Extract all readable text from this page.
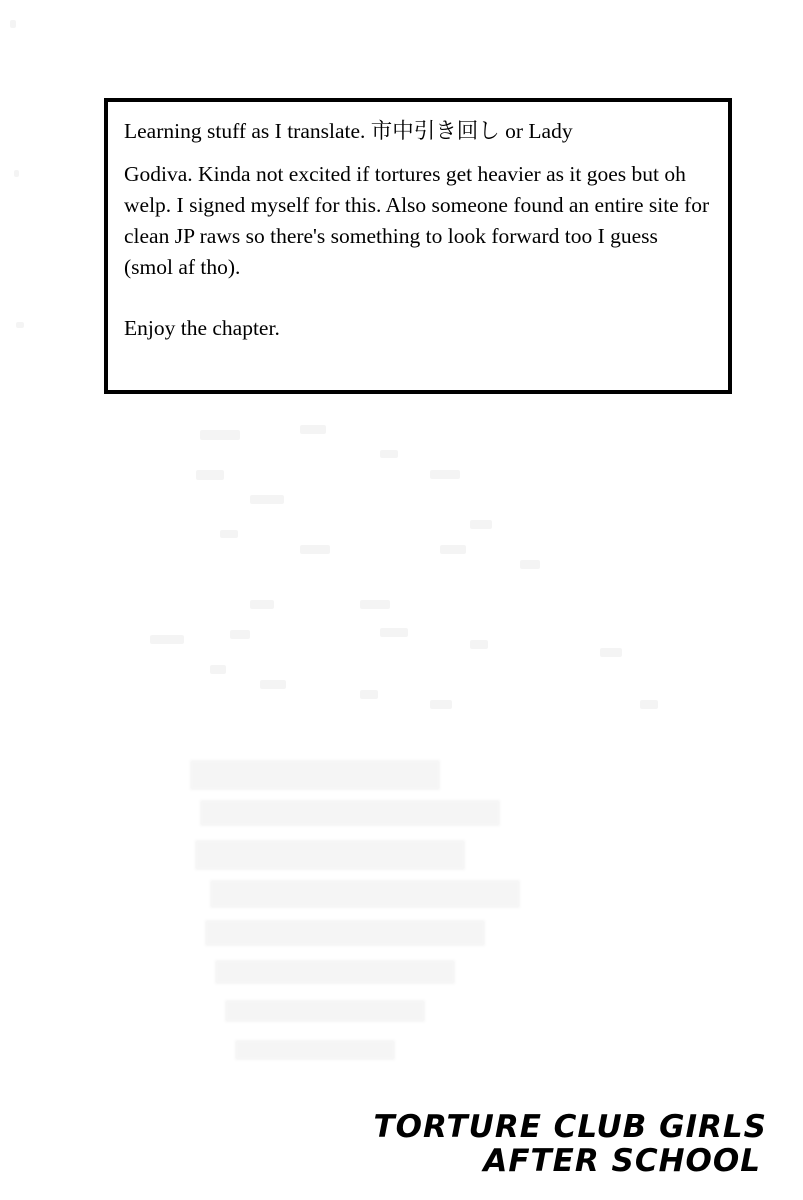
Learning stuff as I translate. 市中引き回し or Lady

Godiva. Kinda not excited if tortures get heavier as it goes but oh welp. I signed myself for this. Also someone found an entire site for clean JP raws so there's something to look forward too I guess (smol af tho).

Enjoy the chapter.

TORTURE CLUB GIRLS
AFTER SCHOOL
